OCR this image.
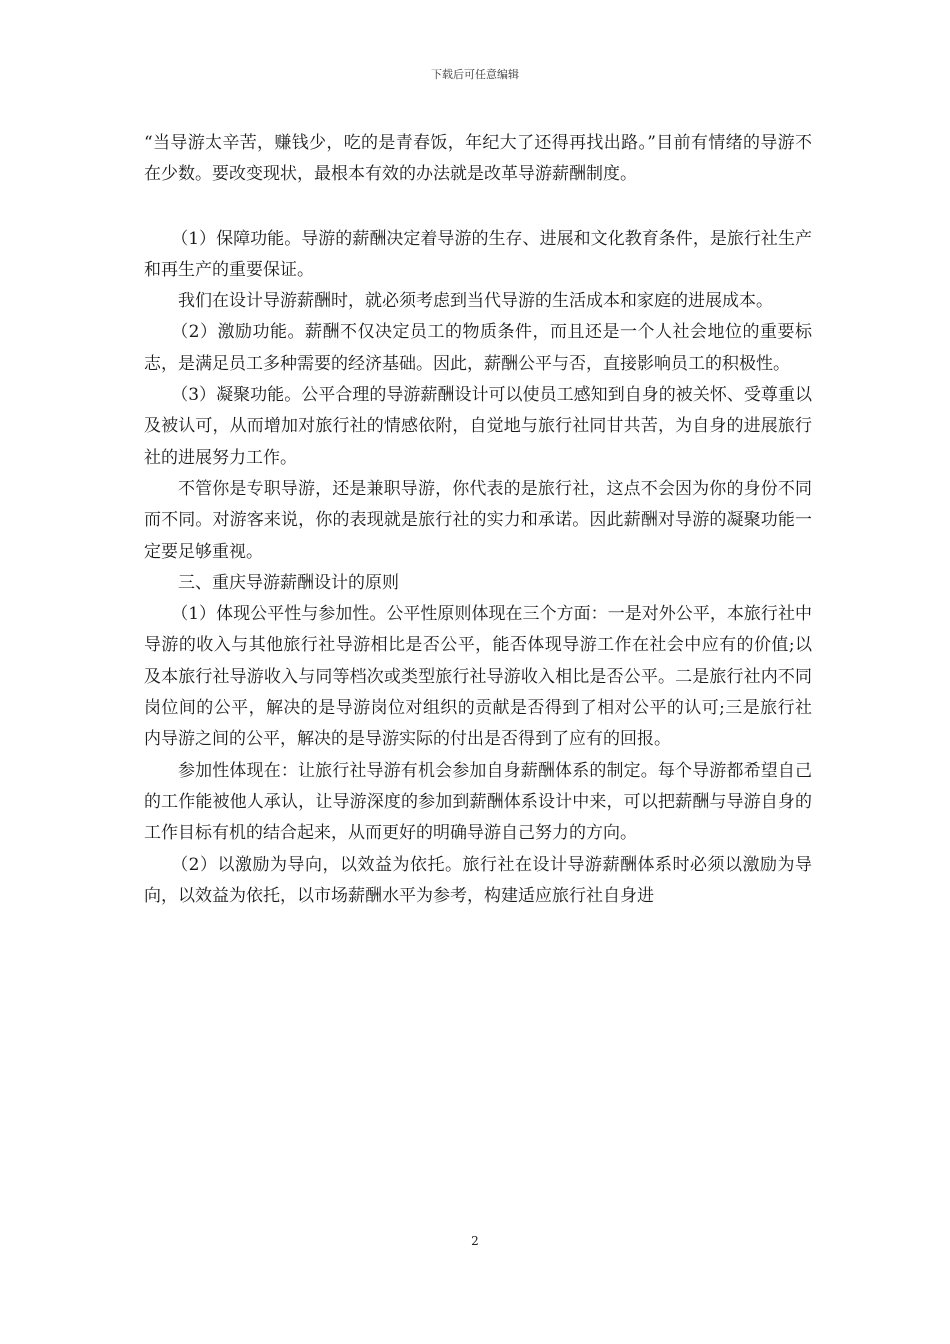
下载后可任意编辑

“当导游太辛苦，赚钱少，吃的是青春饭，年纪大了还得再找出路。”目前有情绪的导游不在少数。要改变现状，最根本有效的办法就是改革导游薪酬制度。

（1）保障功能。导游的薪酬决定着导游的生存、进展和文化教育条件，是旅行社生产和再生产的重要保证。

我们在设计导游薪酬时，就必须考虑到当代导游的生活成本和家庭的进展成本。

（2）激励功能。薪酬不仅决定员工的物质条件，而且还是一个人社会地位的重要标志，是满足员工多种需要的经济基础。因此，薪酬公平与否，直接影响员工的积极性。

（3）凝聚功能。公平合理的导游薪酬设计可以使员工感知到自身的被关怀、受尊重以及被认可，从而增加对旅行社的情感依附，自觉地与旅行社同甘共苦，为自身的进展旅行社的进展努力工作。

不管你是专职导游，还是兼职导游，你代表的是旅行社，这点不会因为你的身份不同而不同。对游客来说，你的表现就是旅行社的实力和承诺。因此薪酬对导游的凝聚功能一定要足够重视。

三、重庆导游薪酬设计的原则

（1）体现公平性与参加性。公平性原则体现在三个方面：一是对外公平，本旅行社中导游的收入与其他旅行社导游相比是否公平，能否体现导游工作在社会中应有的价值;以及本旅行社导游收入与同等档次或类型旅行社导游收入相比是否公平。二是旅行社内不同岗位间的公平，解决的是导游岗位对组织的贡献是否得到了相对公平的认可;三是旅行社内导游之间的公平，解决的是导游实际的付出是否得到了应有的回报。

参加性体现在：让旅行社导游有机会参加自身薪酬体系的制定。每个导游都希望自己的工作能被他人承认，让导游深度的参加到薪酬体系设计中来，可以把薪酬与导游自身的工作目标有机的结合起来，从而更好的明确导游自己努力的方向。

（2）以激励为导向，以效益为依托。旅行社在设计导游薪酬体系时必须以激励为导向，以效益为依托，以市场薪酬水平为参考，构建适应旅行社自身进

2
